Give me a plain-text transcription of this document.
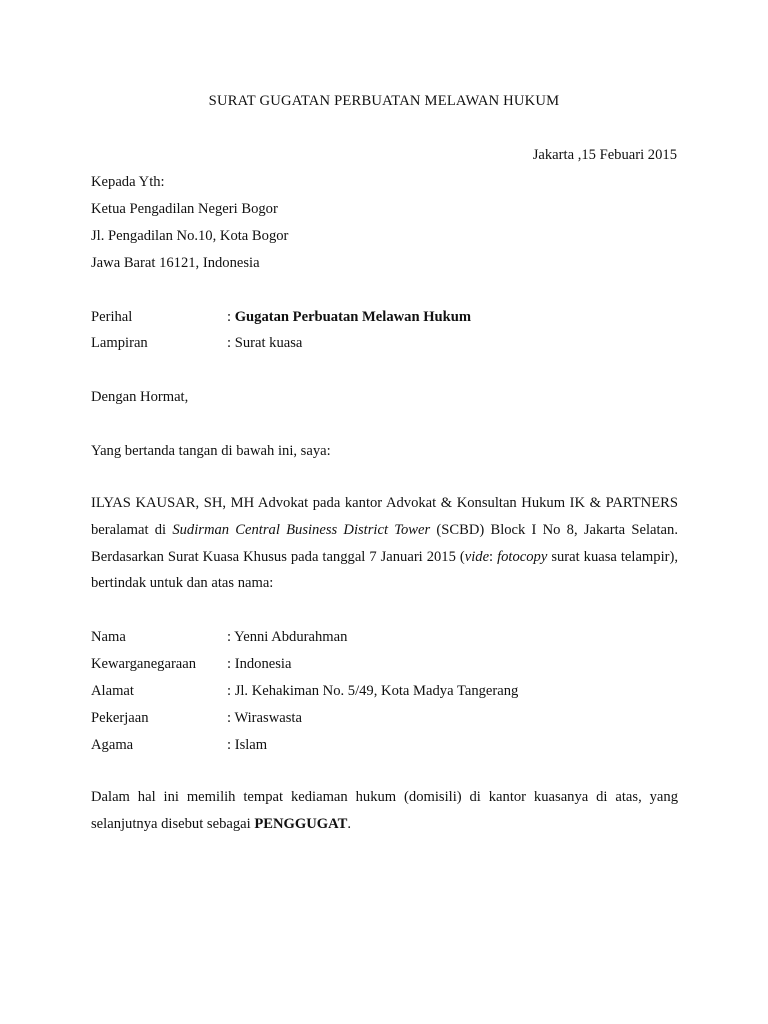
SURAT GUGATAN PERBUATAN MELAWAN HUKUM
Jakarta ,15 Febuari 2015
Kepada Yth:
Ketua Pengadilan Negeri Bogor
Jl. Pengadilan No.10, Kota Bogor
Jawa Barat 16121, Indonesia
Perihal	: Gugatan Perbuatan Melawan Hukum
Lampiran	: Surat kuasa
Dengan Hormat,
Yang bertanda tangan di bawah ini, saya:
ILYAS KAUSAR, SH, MH Advokat pada kantor Advokat & Konsultan Hukum IK & PARTNERS beralamat di Sudirman Central Business District Tower (SCBD) Block I No 8, Jakarta Selatan. Berdasarkan Surat Kuasa Khusus pada tanggal 7 Januari 2015 (vide: fotocopy surat kuasa telampir), bertindak untuk dan atas nama:
Nama	: Yenni Abdurahman
Kewarganegaraan : Indonesia
Alamat	: Jl. Kehakiman No. 5/49, Kota Madya Tangerang
Pekerjaan	: Wiraswasta
Agama	: Islam
Dalam hal ini memilih tempat kediaman hukum (domisili) di kantor kuasanya di atas, yang selanjutnya disebut sebagai PENGGUGAT.
